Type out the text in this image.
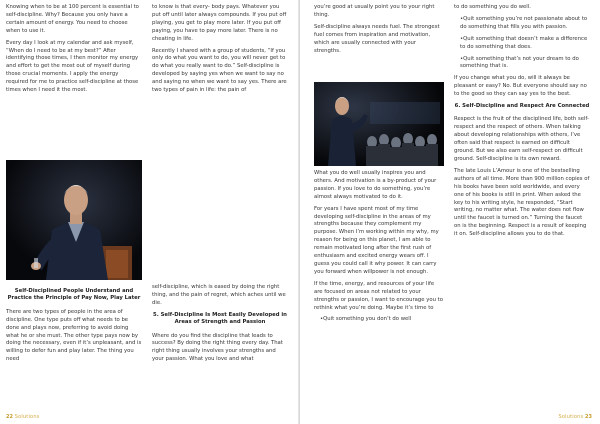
Knowing when to be at 100 percent is essential to self-discipline. Why? Because you only have a certain amount of energy. You need to choose when to use it.

Every day I look at my calendar and ask myself, “When do I need to be at my best?” After identifying those times, I then monitor my energy and effort to get the most out of myself during those crucial moments. I apply the energy required for me to practice self-discipline at those times when I need it the most.

Self-Disciplined People Understand and Practice the Principle of Pay Now, Play Later

There are two types of people in the area of discipline. One type puts off what needs to be done and plays now, preferring to avoid doing what he or she must. The other type pays now by doing the necessary, even if it’s unpleasant, and is willing to defer fun and play later. The thing you need

to know is that every- body pays. Whatever you put off until later always compounds. If you put off playing, you get to play more later. If you put off paying, you have to pay more later. There is no cheating in life.

Recently I shared with a group of students, “If you only do what you want to do, you will never get to do what you really want to do.” Self-discipline is developed by saying yes when we want to say no and saying no when we want to say yes. There are two types of pain in life: the pain of

self-discipline, which is eased by doing the right thing, and the pain of regret, which aches until we die.

5. Self-Discipline Is Most Easily Developed in Areas of Strength and Passion

Where do you find the discipline that leads to success? By doing the right thing every day. That right thing usually involves your strengths and your passion. What you love and what

22 Solutions

you’re good at usually point you to your right thing.

Self-discipline always needs fuel. The strongest fuel comes from inspiration and motivation, which are usually connected with your strengths.

What you do well usually inspires you and others. And motivation is a by-product of your passion. If you love to do something, you’re almost always motivated to do it.

For years I have spent most of my time developing self-discipline in the areas of my strengths because they complement my purpose. When I’m working within my why, my reason for being on this planet, I am able to remain motivated long after the first rush of enthusiasm and excited energy wears off. I guess you could call it why power. It can carry you forward when willpower is not enough.

If the time, energy, and resources of your life are focused on areas not related to your strengths or passion, I want to encourage you to rethink what you’re doing. Maybe it’s time to

•Quit something you don’t do well

to do something you do well.

•Quit something you’re not passionate about to do something that fills you with passion.

•Quit something that doesn’t make a difference to do something that does.

•Quit something that’s not your dream to do something that is.

If you change what you do, will it always be pleasant or easy? No. But everyone should say no to the good so they can say yes to the best.

6. Self-Discipline and Respect Are Connected

Respect is the fruit of the disciplined life, both self-respect and the respect of others. When talking about developing relationships with others, I’ve often said that respect is earned on difficult ground. But we also earn self-respect on difficult ground. Self-discipline is its own reward.

The late Louis L’Amour is one of the bestselling authors of all time. More than 900 million copies of his books have been sold worldwide, and every one of his books is still in print. When asked the key to his writing style, he responded, “Start writing, no matter what. The water does not flow until the faucet is turned on.” Turning the faucet on is the beginning. Respect is a result of keeping it on. Self-discipline allows you to do that.

Solutions 23
